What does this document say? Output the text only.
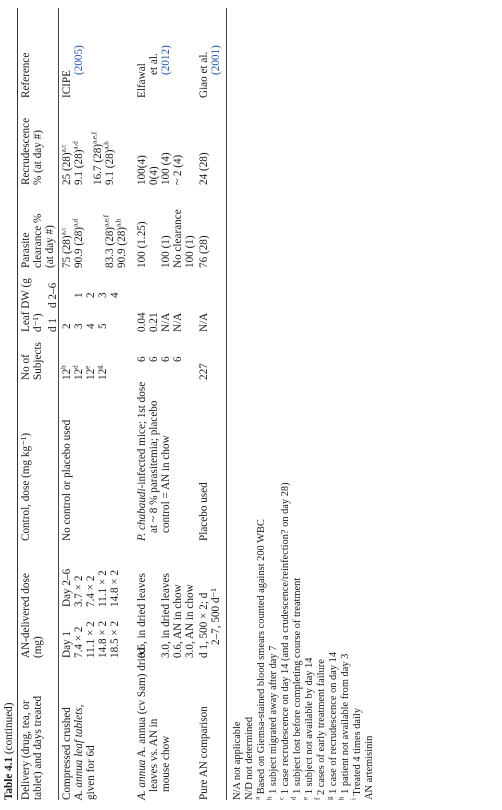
Table 4.1 (continued) Delivery (drug, tea, or tablet) and days treated
AN-delivered dose (mg)
Control, dose (mg kg⁻¹)
No of Subjects
Leaf DW (g d⁻¹)
Parasite clearance % (at day #)
Recrudescence % (at day #)
Reference
Compressed crushed A. annua leaf tablets, given for 6d
Day 1
Day 2–6
7.4 × 2
3.7 × 2
11.1 × 2
7.4 × 2
14.8 × 2
11.1 × 2
18.5 × 2
14.8 × 2
No control or placebo used
12$^b$
12$^d$
12e
12$^g$
d 1
d 2–6
2 3 4 5
1 2 3 4
75 $(28)^{a,c}$ 90.9 $(28)^{a,d}$
83.3 $(28)^{a,e,f}$
90.9 $(28)^{a,h}$
25 $(28)^{a,c}$
9.1 $(28)^{a,d}$	16.7 $(28)^{a,e,f}$
9.1 $(28)^{a,h}$
ICIPE
(2005)
A. annua A. annua (cv Sam) dried leaves vs. AN in mouse chow
0.6, in dried leaves 3.0, in dried leaves 0.6, AN in chow 3.0, AN in chow
P. chabaudi-infected mice; 1st dose at ~ 8 % parasitemia; placebo control = AN in chow
6 6 6 6
0.04 0.21 N/A N/A
100 (1.25) 100 (1) No clearance 100 (1)
100(4) 0(4) 100 (4) ~ 2 (4)
Elfawal et al. (2012)
Pure AN comparison
d 1, 500 × 2; d 2–7, 500 d⁻¹
Placebo used
227
N/A
76 (28)
24 (28)
Giao et al. (2001)
N/A not applicable N/D not determined
$^a$ Based on Giemsa-stained blood smears counted against 200 WBC
$^b$ 1 subject migrated away after day 7
$^c$ 1 case recrudescence on day 14 (and a crudescence/reinfection? on day 28)
$^d$ 1 subject lost before completing course of treatment
$^e$ 1 subject not available by day 14
$^f$ 2 cases of early treatment failure
$^g$ 1 case of recrudescence on day 14
$^h$ 1 patient not available from day 3
$^i$ Treated 4 times daily AN artemisinin
